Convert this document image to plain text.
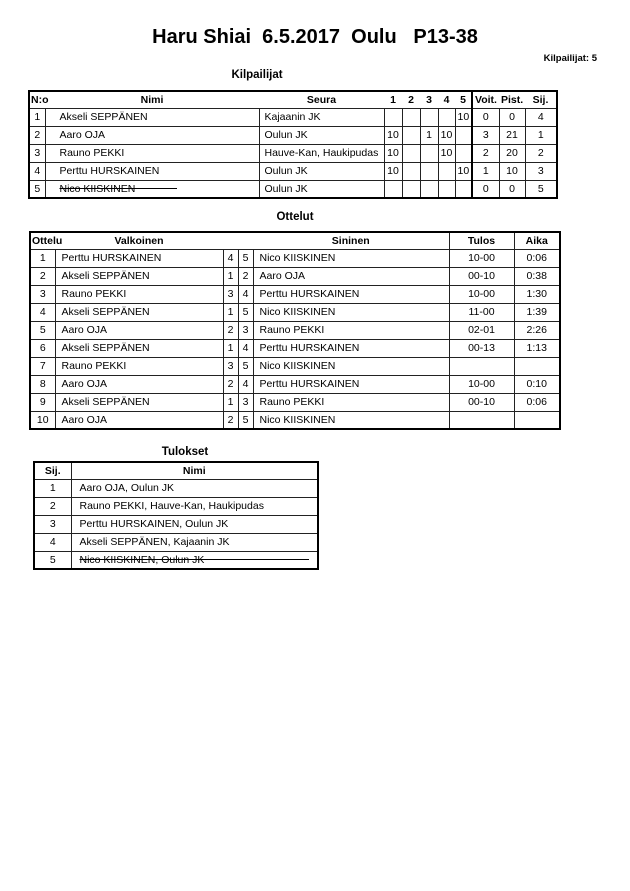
Haru Shiai  6.5.2017  Oulu   P13-38
Kilpailijat: 5
Kilpailijat
N:o	Nimi	Seura	1	2	3	4	5	Voit.	Pist.	Sij.
1	Akseli SEPPÄNEN	Kajaanin JK					10	0	0	4
2	Aaro OJA	Oulun JK	10		1	10		3	21	1
3	Rauno PEKKI	Hauve-Kan, Haukipudas	10			10		2	20	2
4	Perttu HURSKAINEN	Oulun JK	10				10	1	10	3
5	Nico KIISKINEN	Oulun JK						0	0	5
Ottelut
Ottelu	Valkoinen			Sininen	Tulos	Aika
1	Perttu HURSKAINEN	4	5	Nico KIISKINEN	10-00	0:06
2	Akseli SEPPÄNEN	1	2	Aaro OJA	00-10	0:38
3	Rauno PEKKI	3	4	Perttu HURSKAINEN	10-00	1:30
4	Akseli SEPPÄNEN	1	5	Nico KIISKINEN	11-00	1:39
5	Aaro OJA	2	3	Rauno PEKKI	02-01	2:26
6	Akseli SEPPÄNEN	1	4	Perttu HURSKAINEN	00-13	1:13
7	Rauno PEKKI	3	5	Nico KIISKINEN		
8	Aaro OJA	2	4	Perttu HURSKAINEN	10-00	0:10
9	Akseli SEPPÄNEN	1	3	Rauno PEKKI	00-10	0:06
10	Aaro OJA	2	5	Nico KIISKINEN		
Tulokset
Sij.	Nimi
1	Aaro OJA, Oulun JK
2	Rauno PEKKI, Hauve-Kan, Haukipudas
3	Perttu HURSKAINEN, Oulun JK
4	Akseli SEPPÄNEN, Kajaanin JK
5	Nico KIISKINEN, Oulun JK
